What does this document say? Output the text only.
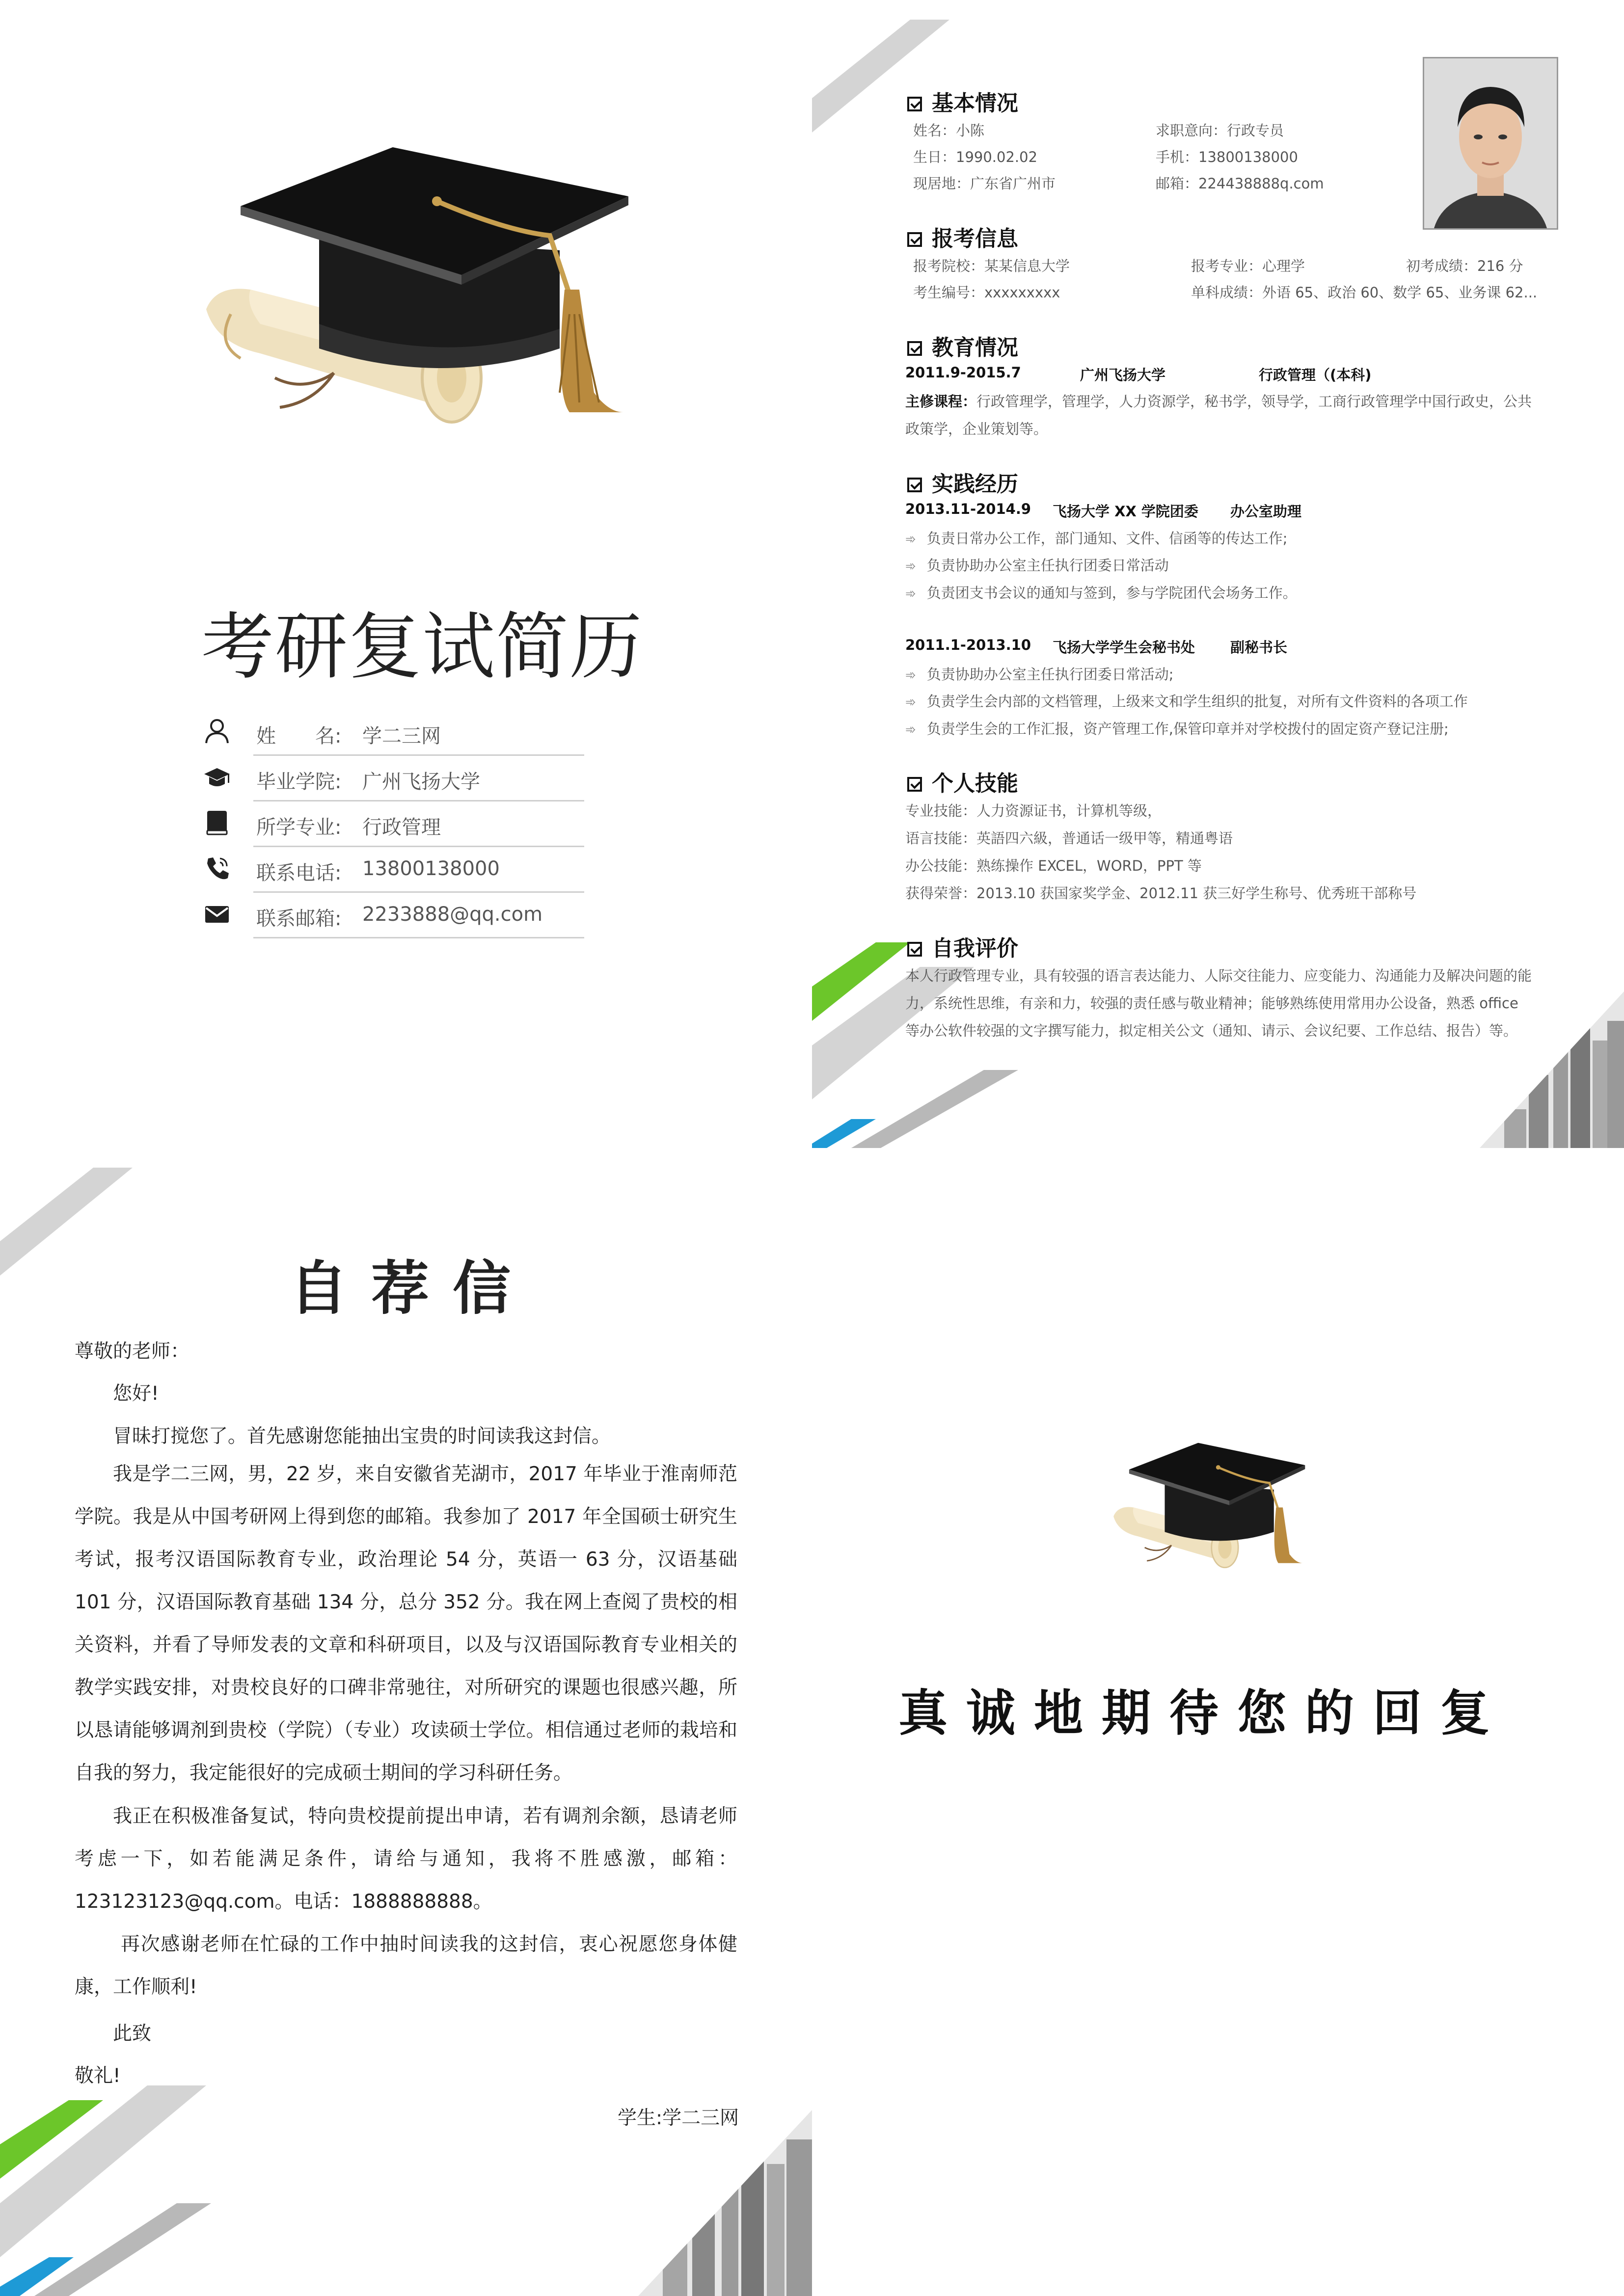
考研复试简历
姓　　名: 学二三网
毕业学院: 广州飞扬大学
所学专业: 行政管理
联系电话: 13800138000
联系邮箱: 2233888@qq.com
基本情况
姓名：小陈	求职意向：行政专员
生日：1990.02.02	手机：13800138000
现居地：广东省广州市	邮箱：224438888q.com
报考信息
报考院校：某某信息大学	报考专业：心理学	初考成绩：216 分
考生编号：xxxxxxxxx	单科成绩：外语 65、政治 60、数学 65、业务课 62...
教育情况
2011.9-2015.7	广州飞扬大学	行政管理（(本科)
主修课程：行政管理学，管理学，人力资源学，秘书学，领导学，工商行政管理学中国行政史，公共
政策学，企业策划等。
实践经历
2013.11-2014.9 飞扬大学 XX 学院团委 办公室助理
➾ 负责日常办公工作，部门通知、文件、信函等的传达工作;
➾ 负责协助办公室主任执行团委日常活动
➾ 负责团支书会议的通知与签到，参与学院团代会场务工作。
2011.1-2013.10 飞扬大学学生会秘书处 副秘书长
➾ 负责协助办公室主任执行团委日常活动;
➾ 负责学生会内部的文档管理，上级来文和学生组织的批复，对所有文件资料的各项工作
➾ 负责学生会的工作汇报，资产管理工作,保管印章并对学校拨付的固定资产登记注册;
个人技能
专业技能：人力资源证书，计算机等级，
语言技能：英語四六級，普通话一级甲等，精通粤语
办公技能：熟练操作 EXCEL，WORD，PPT 等
获得荣誉：2013.10 获国家奖学金、2012.11 获三好学生称号、优秀班干部称号
自我评价
本人行政管理专业，具有较强的语言表达能力、人际交往能力、应变能力、沟通能力及解决问题的能
力，系统性思维，有亲和力，较强的责任感与敬业精神；能够熟练使用常用办公设备，熟悉 office
等办公软件较强的文字撰写能力，拟定相关公文（通知、请示、会议纪要、工作总结、报告）等。
自荐信
尊敬的老师：
您好!
冒昧打搅您了。首先感谢您能抽出宝贵的时间读我这封信。
我是学二三网，男，22 岁，来自安徽省芜湖市，2017 年毕业于淮南师范学院。我是从中国考研网上得到您的邮箱。我参加了 2017 年全国硕士研究生考试，报考汉语国际教育专业，政治理论 54 分，英语一 63 分，汉语基础 101 分，汉语国际教育基础 134 分，总分 352 分。我在网上查阅了贵校的相关资料，并看了导师发表的文章和科研项目，以及与汉语国际教育专业相关的教学实践安排，对贵校良好的口碑非常驰往，对所研究的课题也很感兴趣，所以恳请能够调剂到贵校（学院）（专业）攻读硕士学位。相信通过老师的栽培和自我的努力，我定能很好的完成硕士期间的学习科研任务。
我正在积极准备复试，特向贵校提前提出申请，若有调剂余额，恳请老师考虑一下，如若能满足条件，请给与通知，我将不胜感激，邮箱：123123123@qq.com。电话：1888888888。
再次感谢老师在忙碌的工作中抽时间读我的这封信，衷心祝愿您身体健康，工作顺利!
此致
敬礼!
学生:学二三网
真诚地期待您的回复
